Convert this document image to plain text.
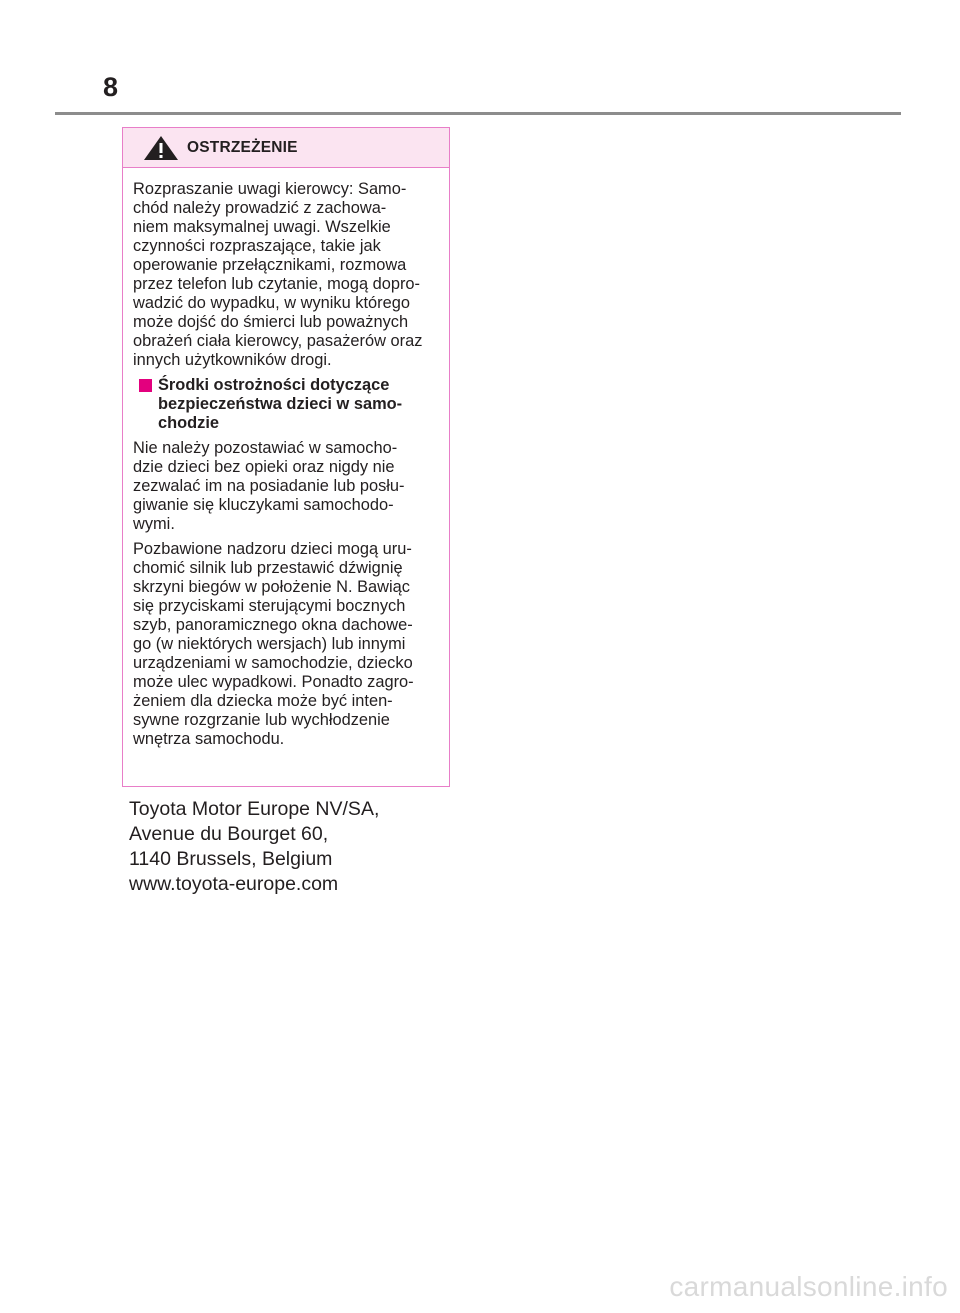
8
OSTRZEŻENIE

Rozpraszanie uwagi kierowcy: Samo-
chód należy prowadzić z zachowa-
niem maksymalnej uwagi. Wszelkie
czynności rozpraszające, takie jak
operowanie przełącznikami, rozmowa
przez telefon lub czytanie, mogą dopro-
wadzić do wypadku, w wyniku którego
może dojść do śmierci lub poważnych
obrażeń ciała kierowcy, pasażerów oraz
innych użytkowników drogi.

Środki ostrożności dotyczące
bezpieczeństwa dzieci w samo-
chodzie

Nie należy pozostawiać w samocho-
dzie dzieci bez opieki oraz nigdy nie
zezwalać im na posiadanie lub posłu-
giwanie się kluczykami samochodo-
wymi.

Pozbawione nadzoru dzieci mogą uru-
chomić silnik lub przestawić dźwignię
skrzyni biegów w położenie N. Bawiąc
się przyciskami sterującymi bocznych
szyb, panoramicznego okna dachowe-
go (w niektórych wersjach) lub innymi
urządzeniami w samochodzie, dziecko
może ulec wypadkowi. Ponadto zagro-
żeniem dla dziecka może być inten-
sywne rozgrzanie lub wychłodzenie
wnętrza samochodu.

Toyota Motor Europe NV/SA,
Avenue du Bourget 60,
1140 Brussels, Belgium
www.toyota-europe.com
carmanualsonline.info
